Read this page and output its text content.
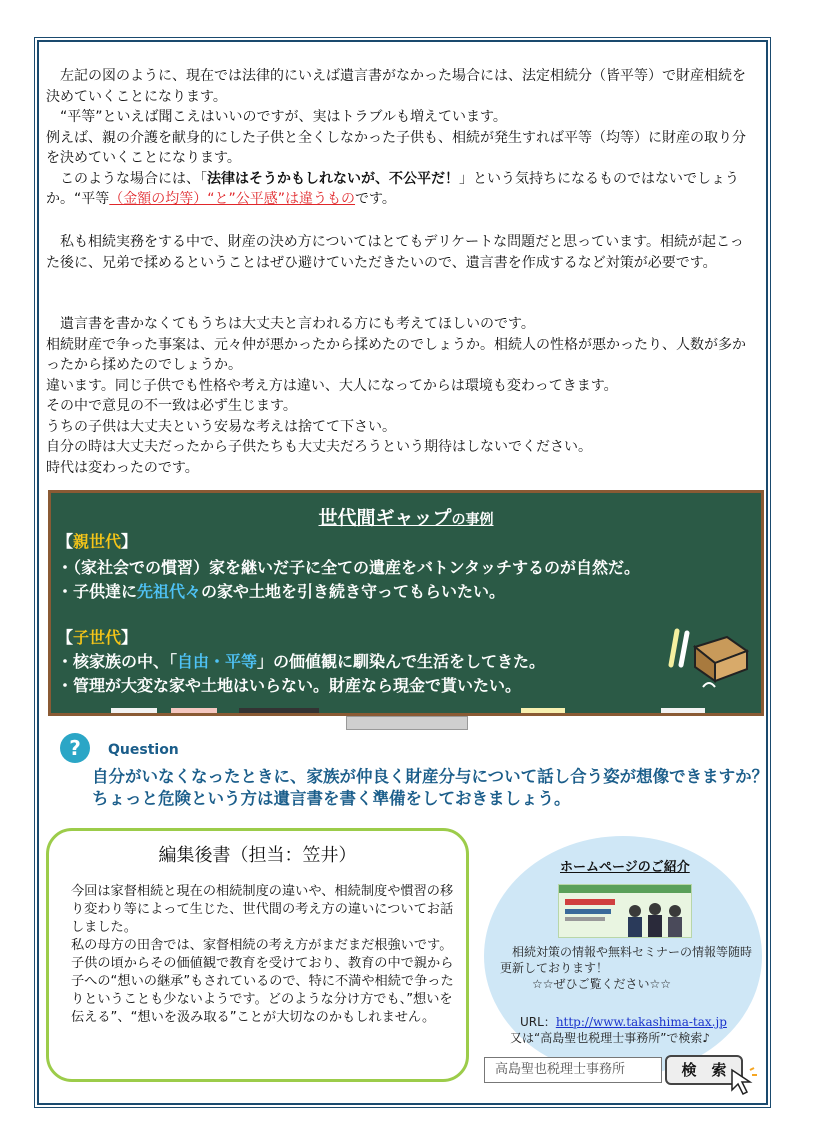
　左記の図のように、現在では法律的にいえば遺言書がなかった場合には、法定相続分（皆平等）で財産相続を決めていくことになります。

　“平等”といえば聞こえはいいのですが、実はトラブルも増えています。

例えば、親の介護を献身的にした子供と全くしなかった子供も、相続が発生すれば平等（均等）に財産の取り分を決めていくことになります。

　このような場合には、「法律はそうかもしれないが、不公平だ！」という気持ちになるものではないでしょうか。“平等（金額の均等）“と”公平感”は違うものです。

　私も相続実務をする中で、財産の決め方についてはとてもデリケートな問題だと思っています。相続が起こった後に、兄弟で揉めるということはぜひ避けていただきたいので、遺言書を作成するなど対策が必要です。

　遺言書を書かなくてもうちは大丈夫と言われる方にも考えてほしいのです。

相続財産で争った事案は、元々仲が悪かったから揉めたのでしょうか。相続人の性格が悪かったり、人数が多かったから揉めたのでしょうか。

違います。同じ子供でも性格や考え方は違い、大人になってからは環境も変わってきます。

その中で意見の不一致は必ず生じます。

うちの子供は大丈夫という安易な考えは捨てて下さい。

自分の時は大丈夫だったから子供たちも大丈夫だろうという期待はしないでください。

時代は変わったのです。

世代間ギャップの事例
【親世代】
・（家社会での慣習）家を継いだ子に全ての遺産をバトンタッチするのが自然だ。
・子供達に先祖代々の家や土地を引き続き守ってもらいたい。
【子世代】
・核家族の中、「自由・平等」の価値観に馴染んで生活をしてきた。
・管理が大変な家や土地はいらない。財産なら現金で貰いたい。
?	Question

自分がいなくなったときに、家族が仲良く財産分与について話し合う姿が想像できますか？ちょっと危険という方は遺言書を書く準備をしておきましょう。

編集後書（担当：笠井）

今回は家督相続と現在の相続制度の違いや、相続制度や慣習の移り変わり等によって生じた、世代間の考え方の違いについてお話しました。

私の母方の田舎では、家督相続の考え方がまだまだ根強いです。子供の頃からその価値観で教育を受けており、教育の中で親から子への“想いの継承”もされているので、特に不満や相続で争ったりということも少ないようです。どのような分け方でも、”想いを伝える”、“想いを汲み取る”ことが大切なのかもしれません。

ホームページのご紹介

　相続対策の情報や無料セミナーの情報等随時更新しております！

☆☆ぜひご覧ください☆☆

URL：http://www.takashima-tax.jp
又は“高島聖也税理士事務所”で検索♪
高島聖也税理士事務所	検　索
